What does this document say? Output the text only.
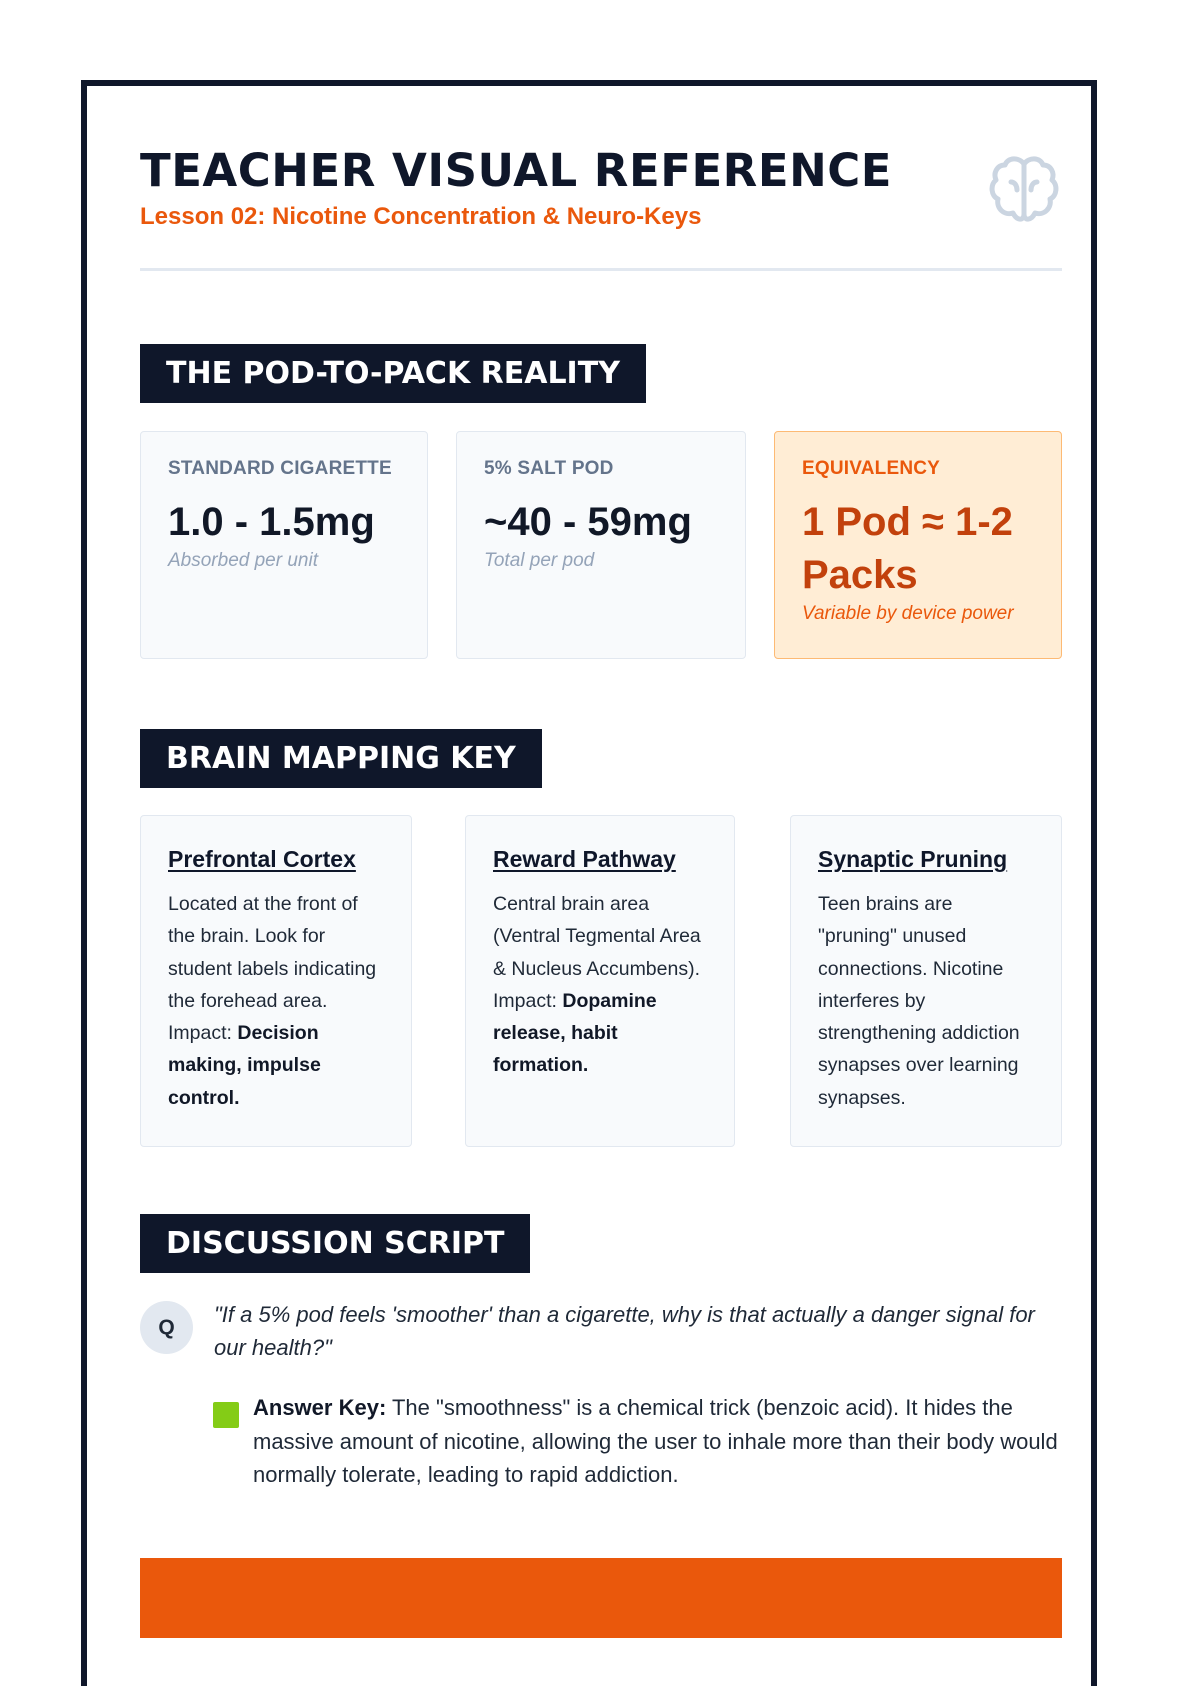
TEACHER VISUAL REFERENCE
Lesson 02: Nicotine Concentration & Neuro-Keys
THE POD-TO-PACK REALITY
STANDARD CIGARETTE
1.0 - 1.5mg
Absorbed per unit
5% SALT POD
~40 - 59mg
Total per pod
EQUIVALENCY
1 Pod ≈ 1-2 Packs
Variable by device power
BRAIN MAPPING KEY
Prefrontal Cortex
Located at the front of the brain. Look for student labels indicating the forehead area. Impact: Decision making, impulse control.
Reward Pathway
Central brain area (Ventral Tegmental Area & Nucleus Accumbens). Impact: Dopamine release, habit formation.
Synaptic Pruning
Teen brains are "pruning" unused connections. Nicotine interferes by strengthening addiction synapses over learning synapses.
DISCUSSION SCRIPT
Q
"If a 5% pod feels 'smoother' than a cigarette, why is that actually a danger signal for our health?"
Answer Key: The "smoothness" is a chemical trick (benzoic acid). It hides the massive amount of nicotine, allowing the user to inhale more than their body would normally tolerate, leading to rapid addiction.
